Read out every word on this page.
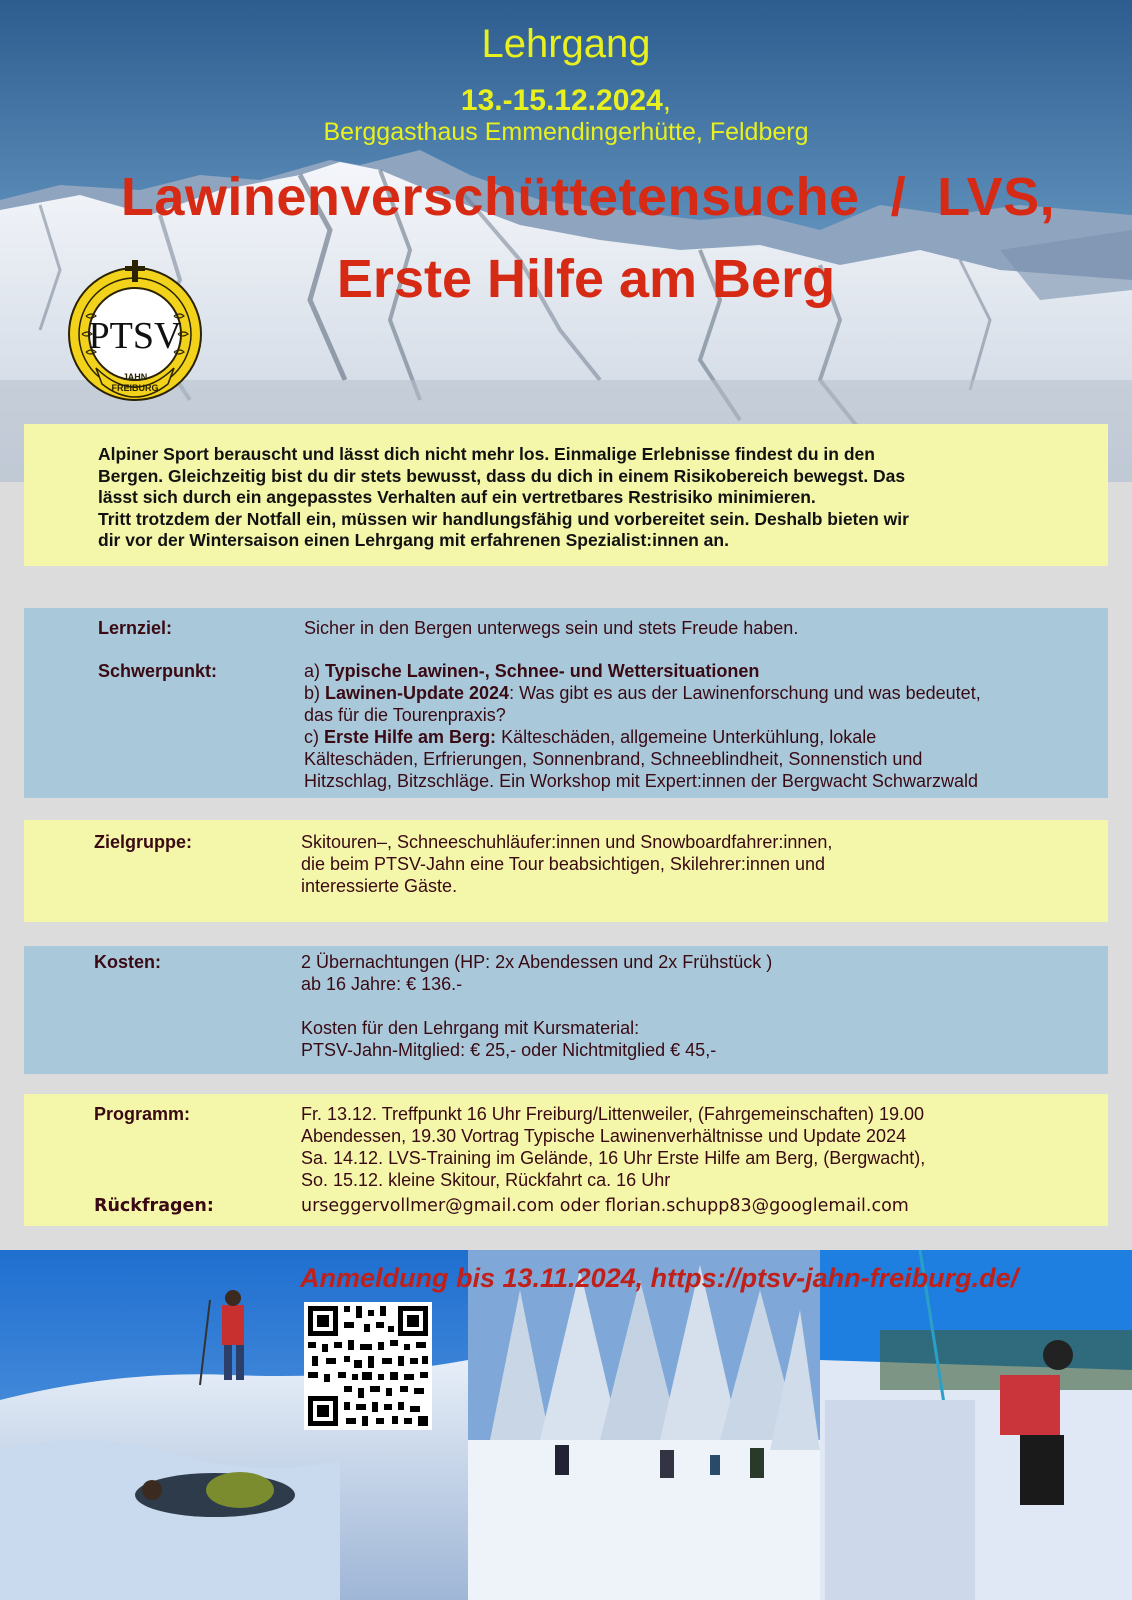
Lehrgang
13.-15.12.2024,
Berggasthaus Emmendingerhütte, Feldberg
Lawinenverschüttetensuche  /  LVS,
Erste Hilfe am Berg
PTSV
JAHN
FREIBURG

Alpiner Sport berauscht und lässt dich nicht mehr los. Einmalige Erlebnisse findest du in den

Bergen. Gleichzeitig bist du dir stets bewusst, dass du dich in einem Risikobereich bewegst. Das

lässt sich durch ein angepasstes Verhalten auf ein vertretbares Restrisiko minimieren.

Tritt trotzdem der Notfall ein, müssen wir handlungsfähig und vorbereitet sein. Deshalb bieten wir

dir vor der Wintersaison einen Lehrgang mit erfahrenen Spezialist:innen an.

Lernziel:	Sicher in den Bergen unterwegs sein und stets Freude haben.
Schwerpunkt:	a) Typische Lawinen-, Schnee- und Wettersituationen
b) Lawinen-Update 2024: Was gibt es aus der Lawinenforschung und was bedeutet,
das für die Tourenpraxis?
c) Erste Hilfe am Berg: Kälteschäden, allgemeine Unterkühlung, lokale
Kälteschäden, Erfrierungen, Sonnenbrand, Schneeblindheit, Sonnenstich und
Hitzschlag, Bitzschläge. Ein Workshop mit Expert:innen der Bergwacht Schwarzwald
Zielgruppe:	Skitouren–, Schneeschuhläufer:innen und Snowboardfahrer:innen,
die beim PTSV-Jahn eine Tour beabsichtigen, Skilehrer:innen und
interessierte Gäste.
Kosten:	2 Übernachtungen (HP: 2x Abendessen und 2x Frühstück )
ab 16 Jahre: € 136.-
Kosten für den Lehrgang mit Kursmaterial:
PTSV-Jahn-Mitglied: € 25,- oder Nichtmitglied € 45,-
Programm:	Fr. 13.12. Treffpunkt 16 Uhr Freiburg/Littenweiler, (Fahrgemeinschaften) 19.00
Abendessen, 19.30 Vortrag Typische Lawinenverhältnisse und Update 2024
Sa. 14.12. LVS-Training im Gelände, 16 Uhr Erste Hilfe am Berg, (Bergwacht),
So. 15.12. kleine Skitour, Rückfahrt ca. 16 Uhr
Rückfragen:	urseggervollmer@gmail.com oder florian.schupp83@googlemail.com
Anmeldung bis 13.11.2024, https://ptsv-jahn-freiburg.de/
